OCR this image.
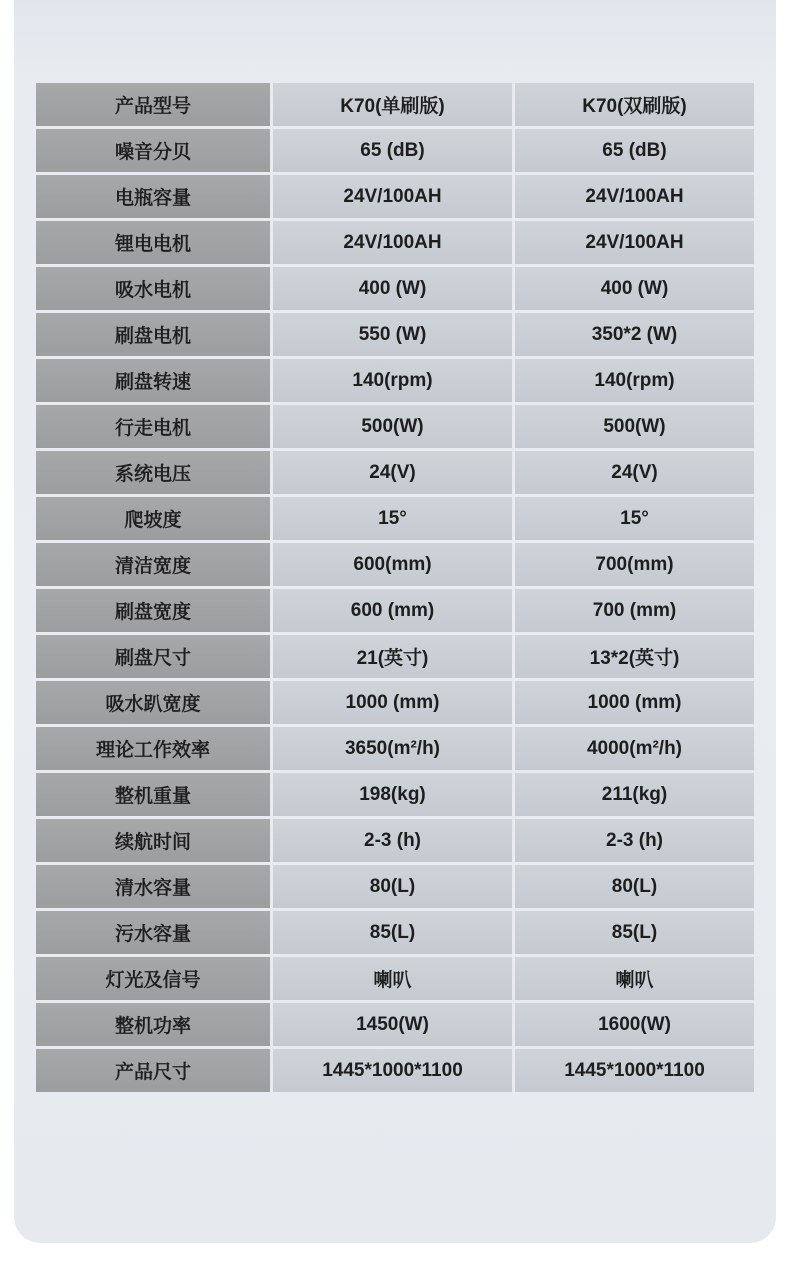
产品型号	K70(单刷版)	K70(双刷版)
噪音分贝	65 (dB)	65 (dB)
电瓶容量	24V/100AH	24V/100AH
锂电电机	24V/100AH	24V/100AH
吸水电机	400 (W)	400 (W)
刷盘电机	550 (W)	350*2 (W)
刷盘转速	140(rpm)	140(rpm)
行走电机	500(W)	500(W)
系统电压	24(V)	24(V)
爬坡度	15°	15°
清洁宽度	600(mm)	700(mm)
刷盘宽度	600 (mm)	700 (mm)
刷盘尺寸	21(英寸)	13*2(英寸)
吸水趴宽度	1000 (mm)	1000 (mm)
理论工作效率	3650(m²/h)	4000(m²/h)
整机重量	198(kg)	211(kg)
续航时间	2-3 (h)	2-3 (h)
清水容量	80(L)	80(L)
污水容量	85(L)	85(L)
灯光及信号	喇叭	喇叭
整机功率	1450(W)	1600(W)
产品尺寸	1445*1000*1100	1445*1000*1100
